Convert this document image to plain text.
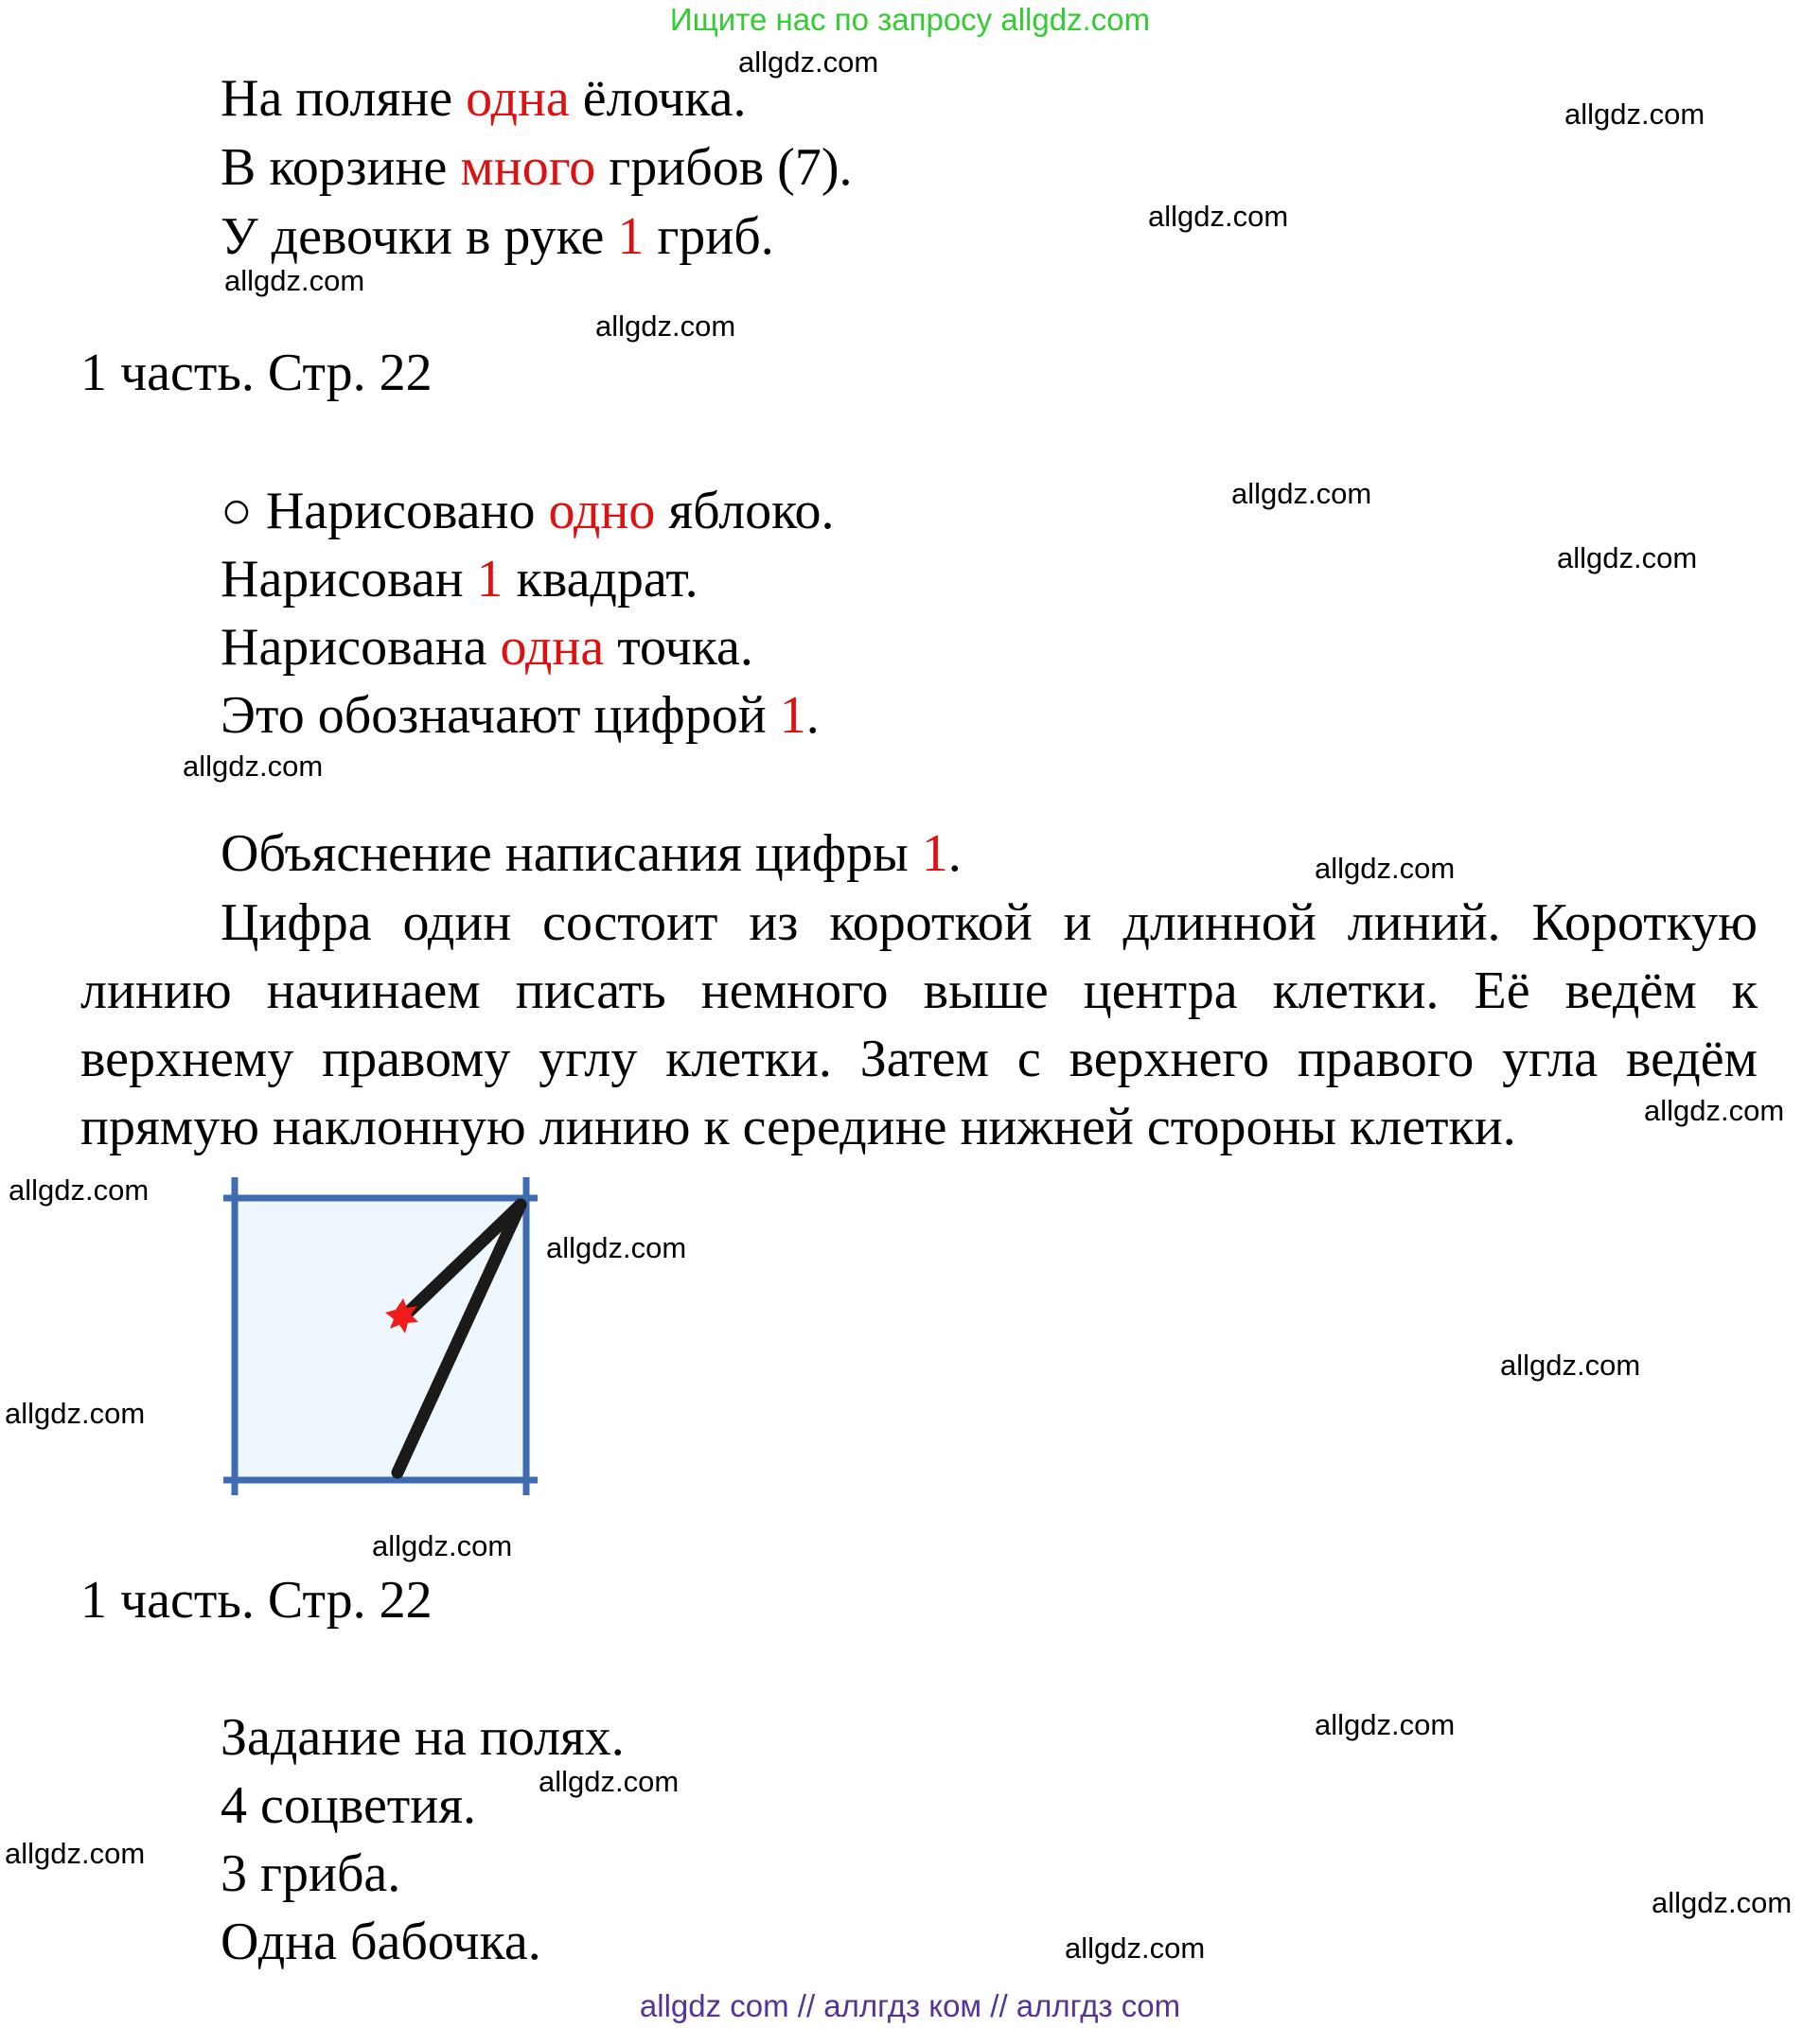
Ищите нас по запросу allgdz.com
На поляне одна ёлочка.
В корзине много грибов (7).
У девочки в руке 1 гриб.
1 часть. Стр. 22
○ Нарисовано одно яблоко.
Нарисован 1 квадрат.
Нарисована одна точка.
Это обозначают цифрой 1.
Объяснение написания цифры 1.
Цифра один состоит из короткой и длинной линий. Короткую линию начинаем писать немного выше центра клетки. Её ведём к верхнему правому углу клетки. Затем с верхнего правого угла ведём прямую наклонную линию к середине нижней стороны клетки.
1 часть. Стр. 22
Задание на полях.
4 соцветия.
3 гриба.
Одна бабочка.
allgdz.com
allgdz.com
allgdz.com
allgdz.com
allgdz.com
allgdz.com
allgdz.com
allgdz.com
allgdz.com
allgdz.com
allgdz.com
allgdz.com
allgdz.com
allgdz.com
allgdz.com
allgdz.com
allgdz.com
allgdz.com
allgdz.com
allgdz.com
allgdz com // аллгдз ком // аллгдз com
